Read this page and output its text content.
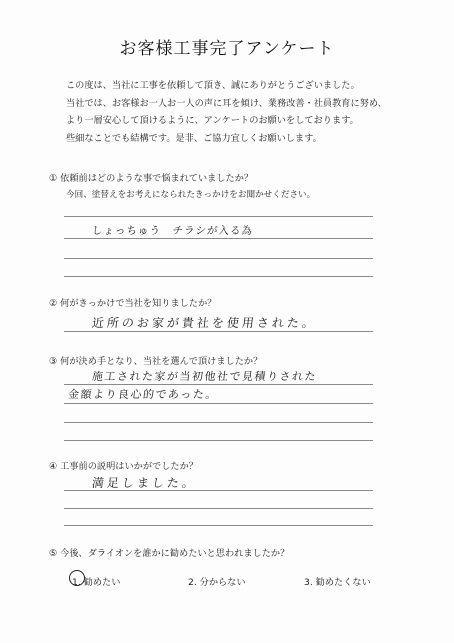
お客様工事完了アンケート
この度は、当社に工事を依頼して頂き、誠にありがとうございました。
当社では、お客様お一人お一人の声に耳を傾け、業務改善・社員教育に努め、
より一層安心して頂けるように、アンケートのお願いをしております。
些細なことでも結構です。是非、ご協力宜しくお願いします。
① 依頼前はどのような事で悩まれていましたか？
今回、塗替えをお考えになられたきっかけをお聞かせください。
しょっちゅう　チラシが入る為
② 何がきっかけで当社を知りましたか？
近所のお家が貴社を使用された。
③ 何が決め手となり、当社を選んで頂けましたか？
施工された家が当初他社で見積りされた
金額より良心的であった。
④ 工事前の説明はいかがでしたか？
満足しました。
⑤ 今後、ダライオンを誰かに勧めたいと思われましたか？
1. 勧めたい	2. 分からない	3. 勧めたくない
